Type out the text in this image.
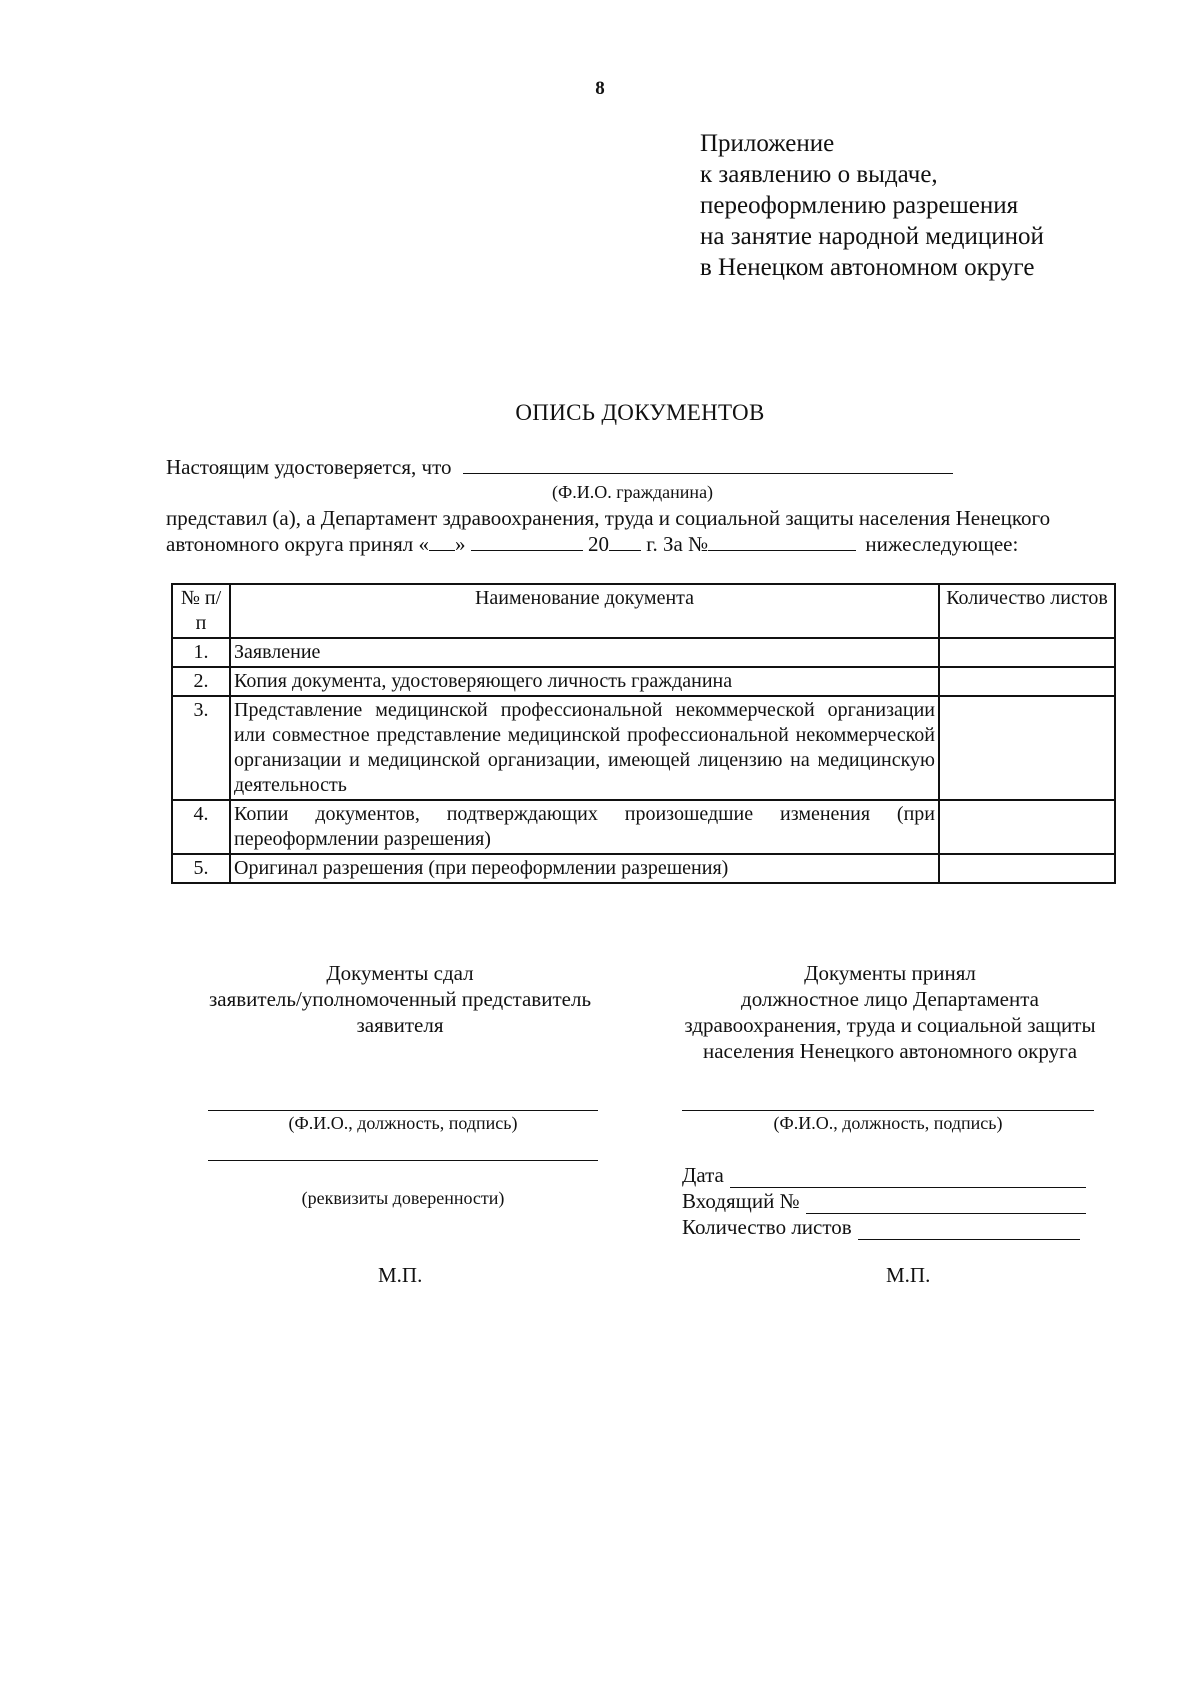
8
Приложение
к заявлению о выдаче,
переоформлению разрешения
на занятие народной медициной
в Ненецком автономном округе
ОПИСЬ ДОКУМЕНТОВ
Настоящим удостоверяется, что
(Ф.И.О. гражданина)
представил (а), а Департамент здравоохранения, труда и социальной защиты населения Ненецкого
автономного округа принял « »	20 г. За №	нижеследующее:
№ п/п	Наименование документа	Количество листов
1.	Заявление	
2.	Копия документа, удостоверяющего личность гражданина	
3.	Представление медицинской профессиональной некоммерческой организации или совместное представление медицинской профессиональной некоммерческой организации и медицинской организации, имеющей лицензию на медицинскую деятельность	
4.	Копии документов, подтверждающих произошедшие изменения (при переоформлении разрешения)	
5.	Оригинал разрешения (при переоформлении разрешения)	
Документы сдал
заявитель/уполномоченный представитель
заявителя
Документы принял
должностное лицо Департамента
здравоохранения, труда и социальной защиты
населения Ненецкого автономного округа
(Ф.И.О., должность, подпись)
(реквизиты доверенности)
(Ф.И.О., должность, подпись)
Дата
Входящий №
Количество листов
М.П.	М.П.
